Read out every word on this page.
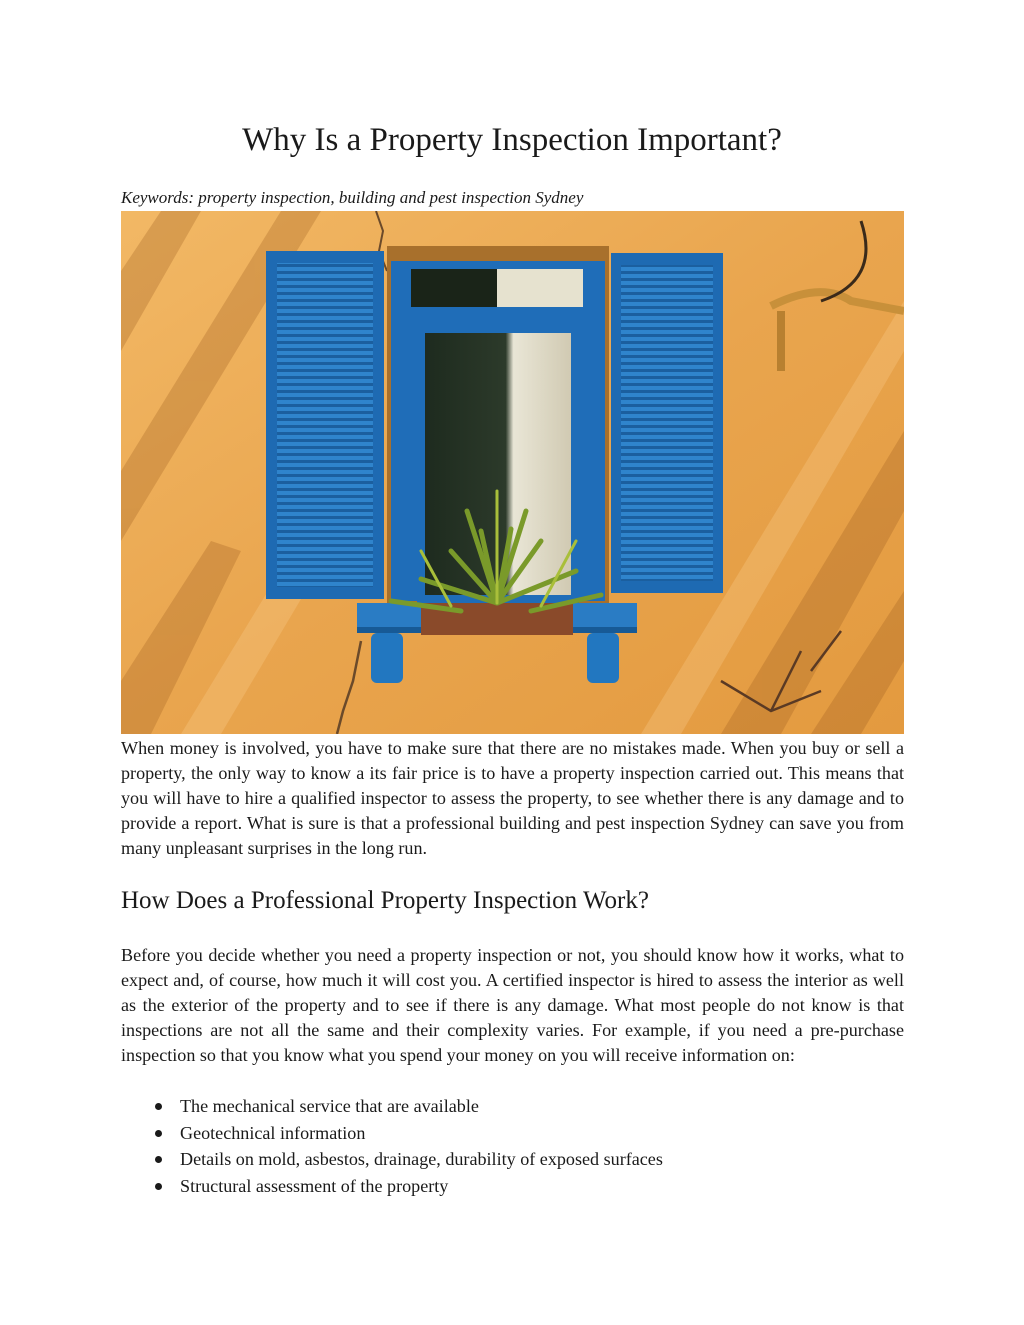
Why Is a Property Inspection Important?

Keywords: property inspection, building and pest inspection Sydney

When money is involved, you have to make sure that there are no mistakes made. When you buy or sell a property, the only way to know a its fair price is to have a property inspection carried out. This means that you will have to hire a qualified inspector to assess the property, to see whether there is any damage and to provide a report. What is sure is that a professional building and pest inspection Sydney can save you from many unpleasant surprises in the long run.

How Does a Professional Property Inspection Work?

Before you decide whether you need a property inspection or not, you should know how it works, what to expect and, of course, how much it will cost you. A certified inspector is hired to assess the interior as well as the exterior of the property and to see if there is any damage. What most people do not know is that inspections are not all the same and their complexity varies. For example, if you need a pre-purchase inspection so that you know what you spend your money on you will receive information on:

The mechanical service that are available
Geotechnical information
Details on mold, asbestos, drainage, durability of exposed surfaces
Structural assessment of the property
